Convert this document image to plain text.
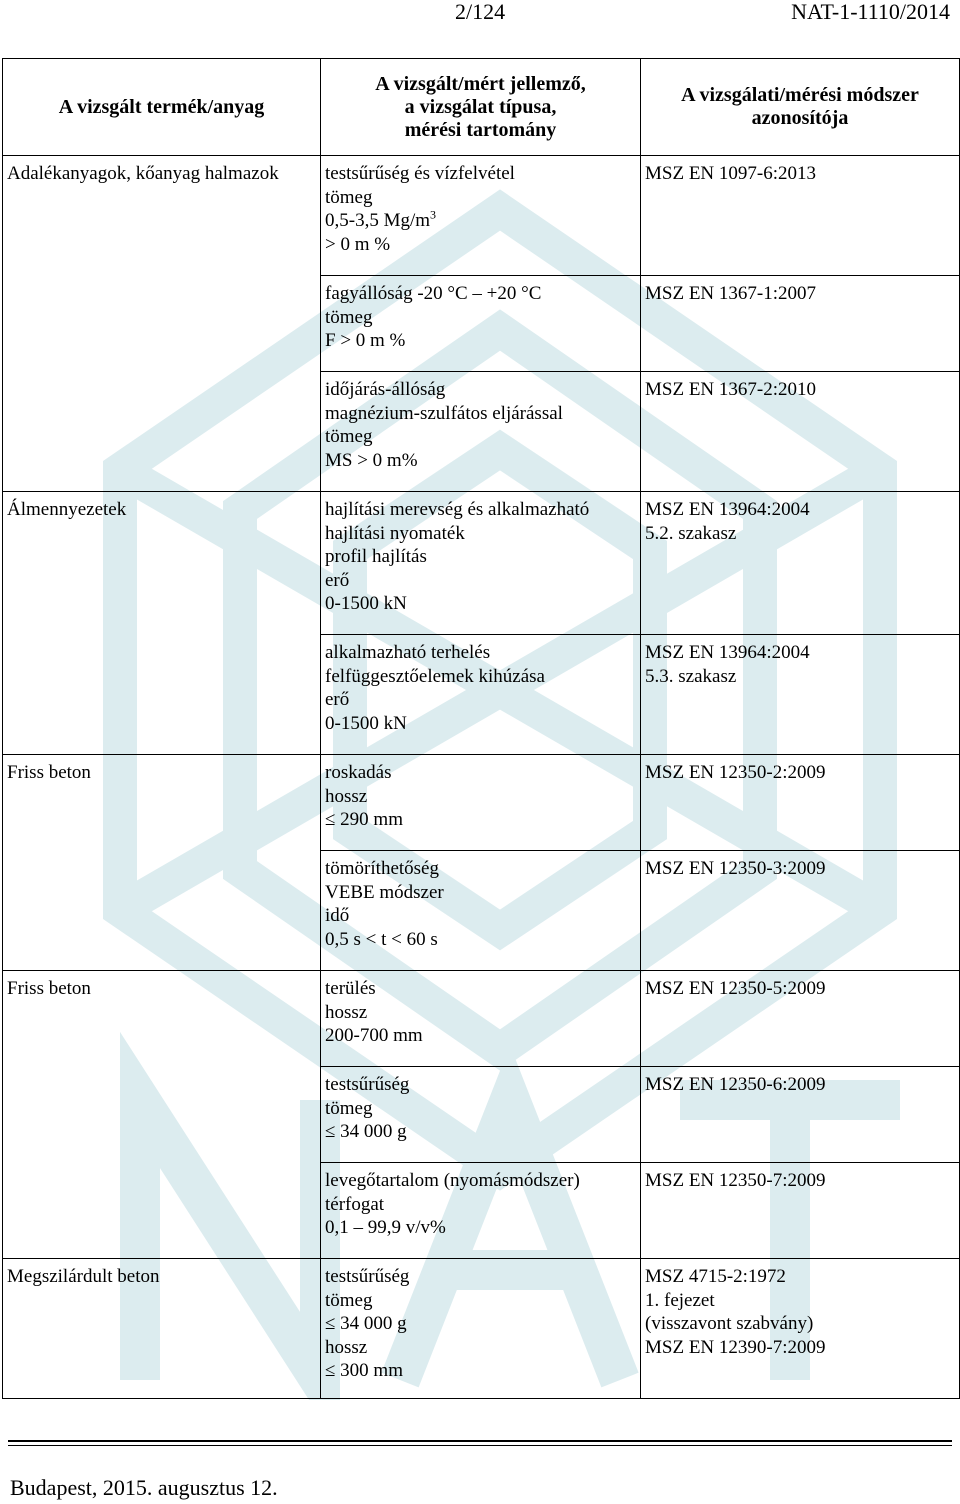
2/124	NAT-1-1110/2014
A vizsgált termék/anyag	A vizsgált/mért jellemző,
a vizsgálat típusa,
mérési tartomány	A vizsgálati/mérési módszer
azonosítója

Adalékanyagok, kőanyag halmazok	testsűrűség és vízfelvétel
tömeg
0,5-3,5 $Mg/m^3$
> 0 m %	MSZ EN 1097-6:2013

	fagyállóság -20 °C – +20 °C
tömeg
F > 0 m %	MSZ EN 1367-1:2007

	időjárás-állóság
magnézium-szulfátos eljárással
tömeg
MS > 0 m%	MSZ EN 1367-2:2010

Álmennyezetek	hajlítási merevség és alkalmazható
hajlítási nyomaték
profil hajlítás
erő
0-1500 kN	MSZ EN 13964:2004
5.2. szakasz

	alkalmazható terhelés
felfüggesztőelemek kihúzása
erő
0-1500 kN	MSZ EN 13964:2004
5.3. szakasz

Friss beton	roskadás
hossz
≤ 290 mm	MSZ EN 12350-2:2009

	tömöríthetőség
VEBE módszer
idő
0,5 s < t < 60 s	MSZ EN 12350-3:2009

Friss beton	terülés
hossz
200-700 mm	MSZ EN 12350-5:2009

	testsűrűség
tömeg
≤ 34 000 g	MSZ EN 12350-6:2009

	levegőtartalom (nyomásmódszer)
térfogat
0,1 – 99,9 v/v%	MSZ EN 12350-7:2009

Megszilárdult beton	testsűrűség
tömeg
≤ 34 000 g
hossz
≤ 300 mm	MSZ 4715-2:1972
1. fejezet
(visszavont szabvány)
MSZ EN 12390-7:2009
Budapest, 2015. augusztus 12.
